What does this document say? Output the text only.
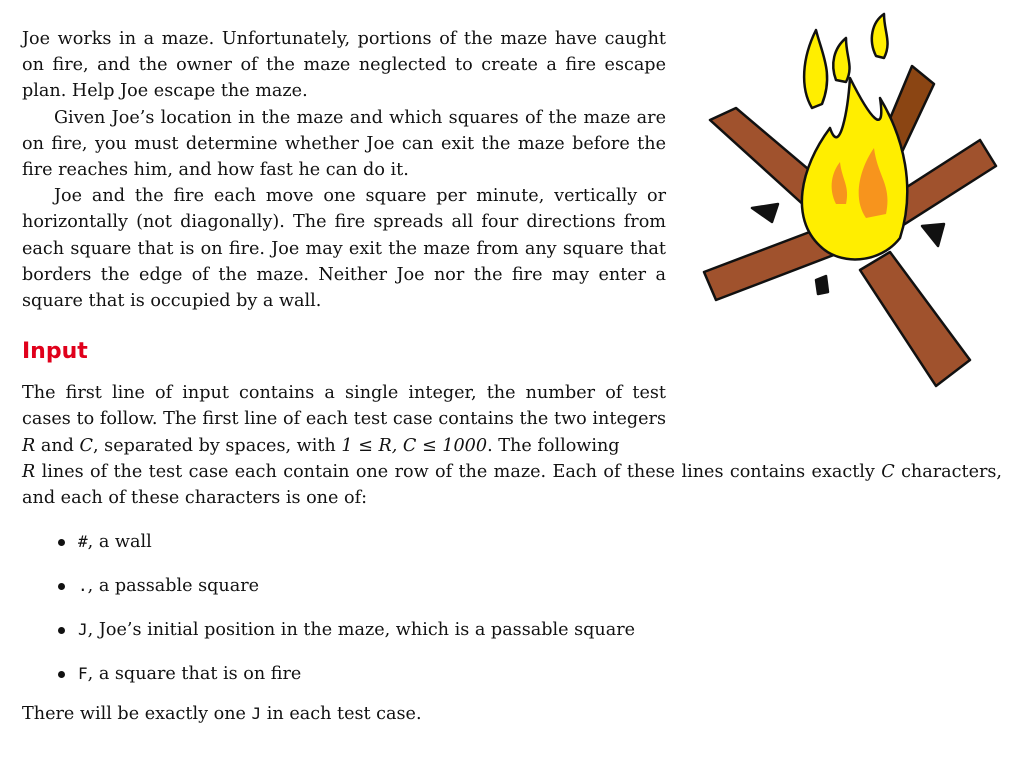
Joe works in a maze. Unfortunately, portions of the maze have caught on fire, and the owner of the maze neglected to create a fire escape plan. Help Joe escape the maze.

Given Joe’s location in the maze and which squares of the maze are on fire, you must determine whether Joe can exit the maze before the fire reaches him, and how fast he can do it.

Joe and the fire each move one square per minute, vertically or horizontally (not diagonally). The fire spreads all four directions from each square that is on fire. Joe may exit the maze from any square that borders the edge of the maze. Neither Joe nor the fire may enter a square that is occupied by a wall.

Input

The first line of input contains a single integer, the number of test cases to follow. The first line of each test case contains the two integers R and C, separated by spaces, with 1 ≤ R, C ≤ 1000. The following
R lines of the test case each contain one row of the maze. Each of these lines contains exactly C characters, and each of these characters is one of:

#, a wall
., a passable square
J, Joe’s initial position in the maze, which is a passable square
F, a square that is on fire

There will be exactly one J in each test case.
